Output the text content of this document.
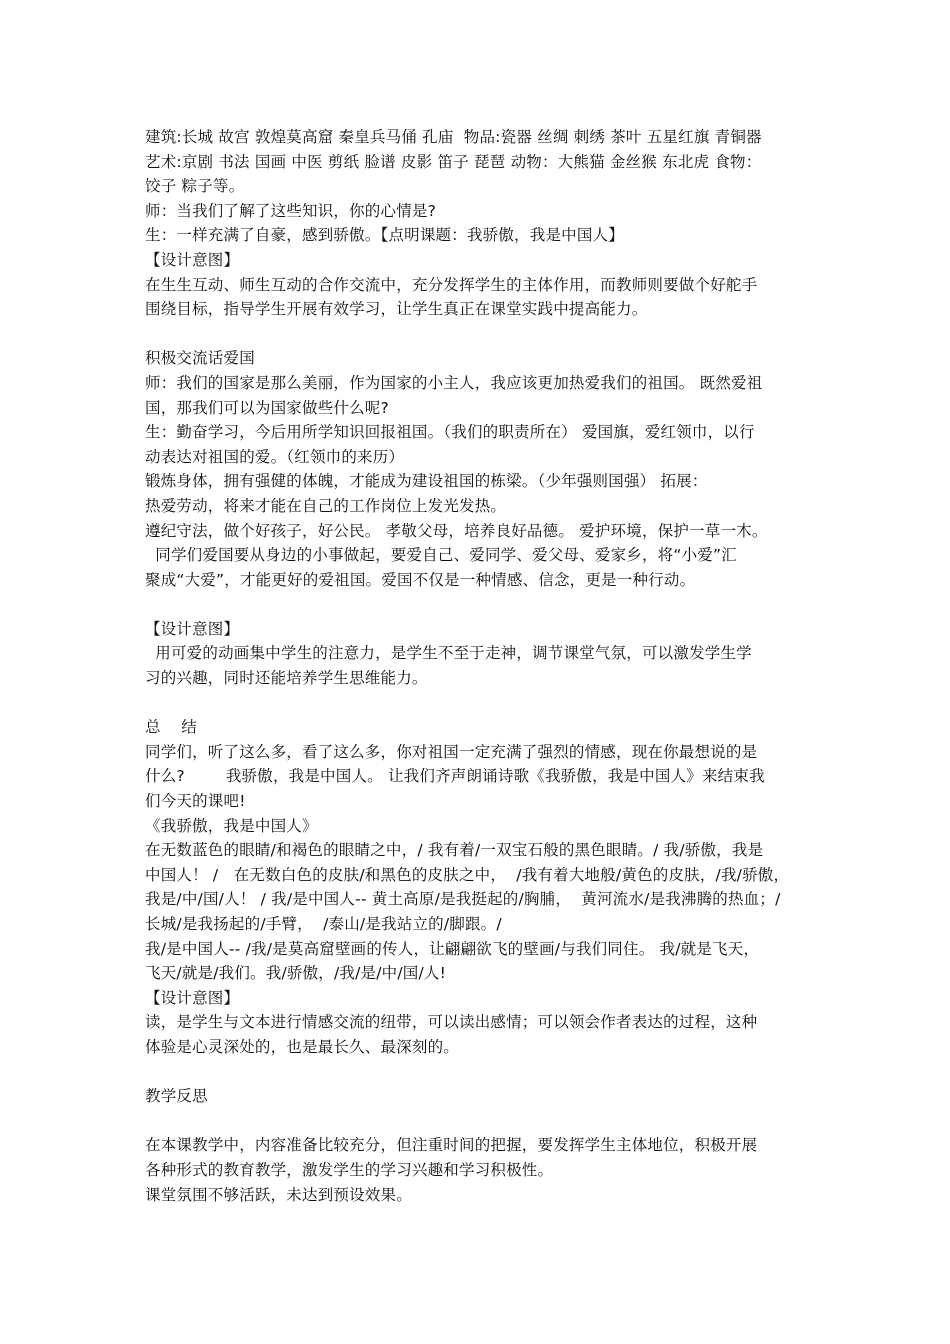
建筑:长城 故宫 敦煌莫高窟 秦皇兵马俑 孔庙  物品:瓷器 丝绸 刺绣 茶叶 五星红旗 青铜器

艺术:京剧 书法 国画 中医 剪纸 脸谱 皮影 笛子 琵琶 动物：大熊猫 金丝猴 东北虎 食物：

饺子 粽子等。

师：当我们了解了这些知识，你的心情是?

生：一样充满了自豪，感到骄傲。【点明课题：我骄傲，我是中国人】

【设计意图】

在生生互动、师生互动的合作交流中，充分发挥学生的主体作用，而教师则要做个好舵手

围绕目标，指导学生开展有效学习，让学生真正在课堂实践中提高能力。

积极交流话爱国

师：我们的国家是那么美丽，作为国家的小主人，我应该更加热爱我们的祖国。 既然爱祖

国，那我们可以为国家做些什么呢?

生：勤奋学习，今后用所学知识回报祖国。（我们的职责所在） 爱国旗，爱红领巾，以行

动表达对祖国的爱。（红领巾的来历）

锻炼身体，拥有强健的体魄，才能成为建设祖国的栋梁。（少年强则国强） 拓展：

热爱劳动，将来才能在自己的工作岗位上发光发热。

遵纪守法，做个好孩子，好公民。 孝敬父母，培养良好品德。 爱护环境，保护一草一木。

同学们爱国要从身边的小事做起，要爱自己、爱同学、爱父母、爱家乡，将“小爱”汇

聚成“大爱”，才能更好的爱祖国。爱国不仅是一种情感、信念，更是一种行动。

【设计意图】

用可爱的动画集中学生的注意力，是学生不至于走神，调节课堂气氛，可以激发学生学

习的兴趣，同时还能培养学生思维能力。

总    结

同学们，听了这么多，看了这么多，你对祖国一定充满了强烈的情感，现在你最想说的是

什么?        我骄傲，我是中国人。 让我们齐声朗诵诗歌《我骄傲，我是中国人》来结束我

们今天的课吧!

《我骄傲，我是中国人》

在无数蓝色的眼睛/和褐色的眼睛之中，/ 我有着/一双宝石般的黑色眼睛。/ 我/骄傲，我是

中国人！ /   在无数白色的皮肤/和黑色的皮肤之中，  /我有着大地般/黄色的皮肤，/我/骄傲，

我是/中/国/人！ / 我/是中国人-- 黄土高原/是我挺起的/胸脯，  黄河流水/是我沸腾的热血；/

长城/是我扬起的/手臂，  /泰山/是我站立的/脚跟。/

我/是中国人-- /我/是莫高窟壁画的传人，让翩翩欲飞的壁画/与我们同住。 我/就是飞天，

飞天/就是/我们。我/骄傲，/我/是/中/国/人!

【设计意图】

读，是学生与文本进行情感交流的纽带，可以读出感情；可以领会作者表达的过程，这种

体验是心灵深处的，也是最长久、最深刻的。

教学反思

在本课教学中，内容准备比较充分，但注重时间的把握，要发挥学生主体地位，积极开展

各种形式的教育教学，激发学生的学习兴趣和学习积极性。

课堂氛围不够活跃，未达到预设效果。
